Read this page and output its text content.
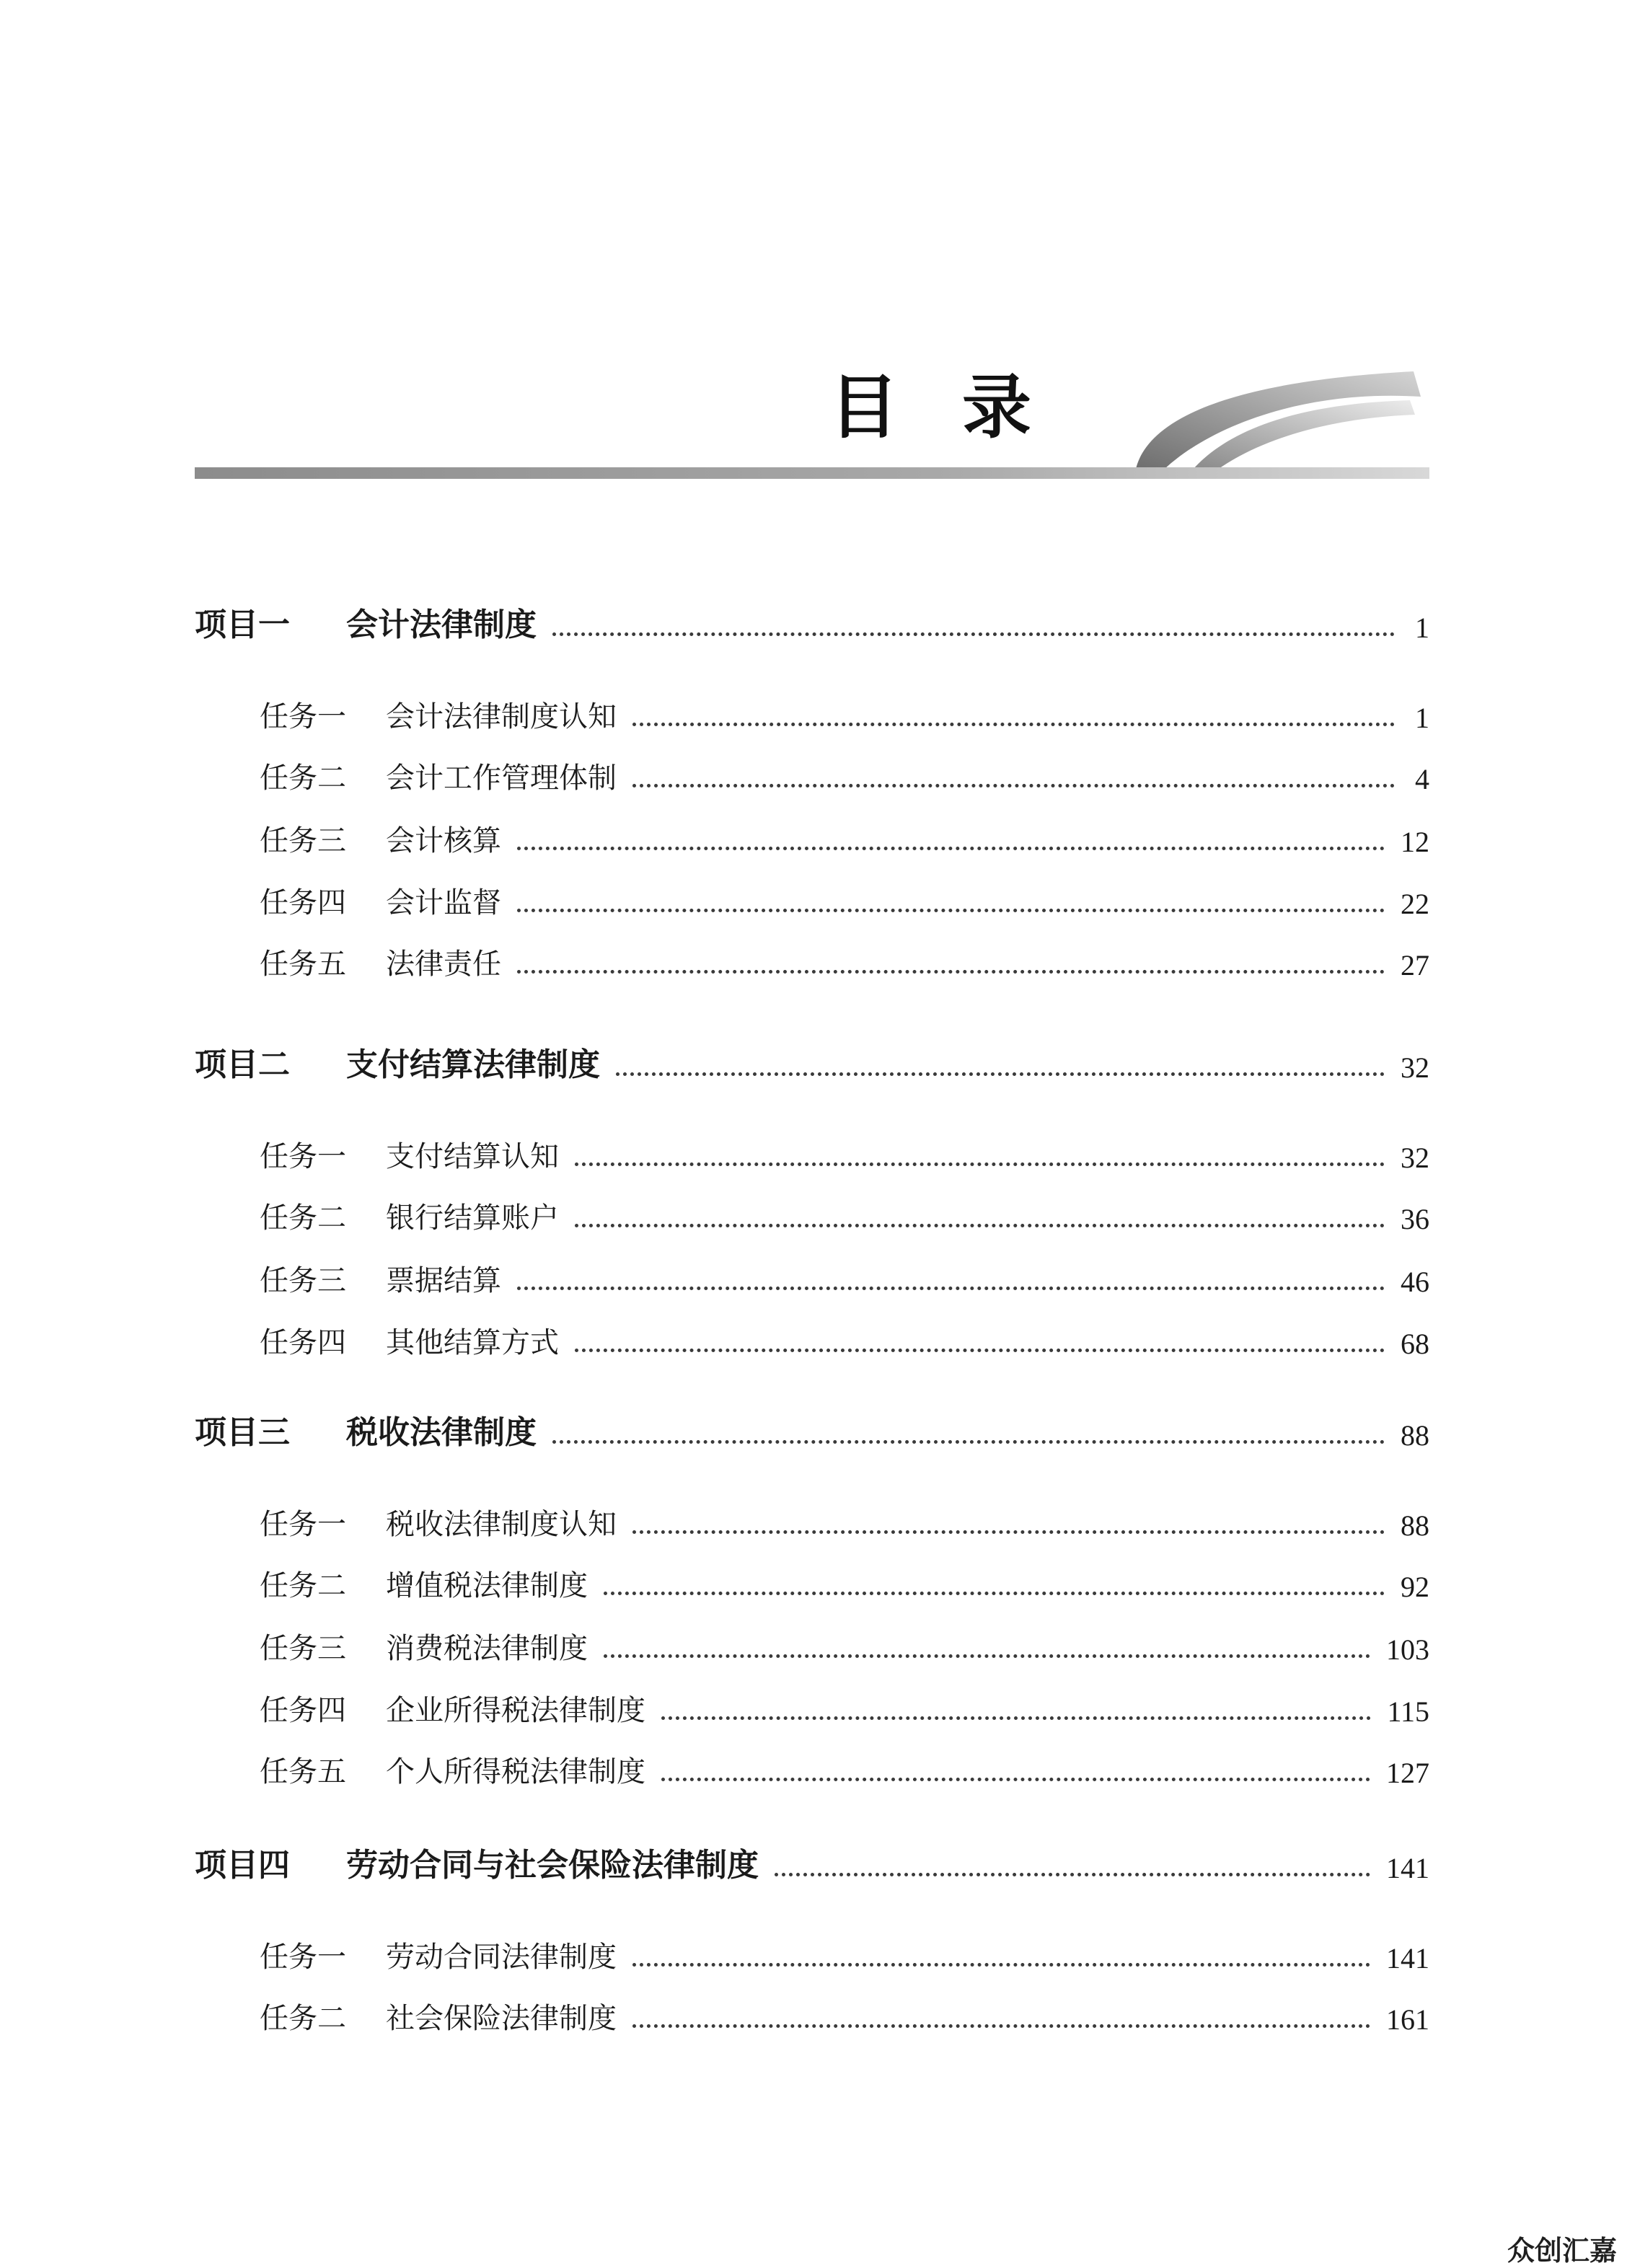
目录
项目一	会计法律制度	1
任务一	会计法律制度认知	1
任务二	会计工作管理体制	4
任务三	会计核算	12
任务四	会计监督	22
任务五	法律责任	27
项目二	支付结算法律制度	32
任务一	支付结算认知	32
任务二	银行结算账户	36
任务三	票据结算	46
任务四	其他结算方式	68
项目三	税收法律制度	88
任务一	税收法律制度认知	88
任务二	增值税法律制度	92
任务三	消费税法律制度	103
任务四	企业所得税法律制度	115
任务五	个人所得税法律制度	127
项目四	劳动合同与社会保险法律制度	141
任务一	劳动合同法律制度	141
任务二	社会保险法律制度	161
众创汇嘉
